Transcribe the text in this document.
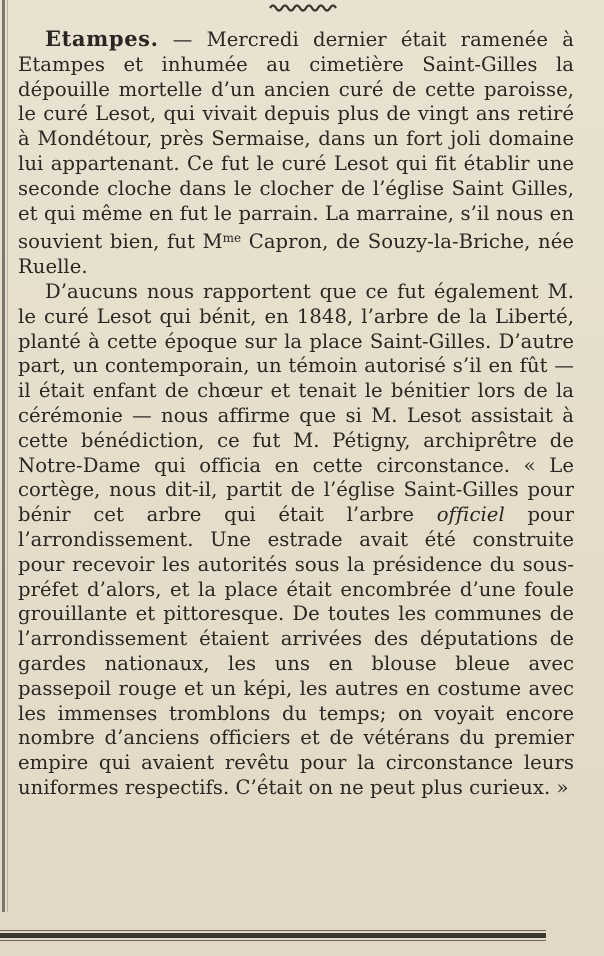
Etampes. — Mercredi dernier était ramenée à Etampes et inhumée au cimetière Saint-Gilles la dépouille mortelle d’un ancien curé de cette paroisse, le curé Lesot, qui vivait depuis plus de vingt ans retiré à Mondétour, près Sermaise, dans un fort joli domaine lui appartenant. Ce fut le curé Lesot qui fit établir une seconde cloche dans le clocher de l’église Saint Gilles, et qui même en fut le parrain. La marraine, s’il nous en souvient bien, fut $M^{me}$ Capron, de Souzy-la-Briche, née Ruelle.

D’aucuns nous rapportent que ce fut également M. le curé Lesot qui bénit, en 1848, l’arbre de la Liberté, planté à cette époque sur la place Saint-Gilles. D’autre part, un contemporain, un témoin autorisé s’il en fût — il était enfant de chœur et tenait le bénitier lors de la cérémonie — nous affirme que si M. Lesot assistait à cette bénédiction, ce fut M. Pétigny, archiprêtre de Notre-Dame qui officia en cette circonstance. « Le cortège, nous dit-il, partit de l’église Saint-Gilles pour bénir cet arbre qui était l’arbre officiel pour l’arrondissement. Une estrade avait été construite pour recevoir les autorités sous la présidence du sous-préfet d’alors, et la place était encombrée d’une foule grouillante et pittoresque. De toutes les communes de l’arrondissement étaient arrivées des députations de gardes nationaux, les uns en blouse bleue avec passepoil rouge et un képi, les autres en costume avec les immenses tromblons du temps; on voyait encore nombre d’anciens officiers et de vétérans du premier empire qui avaient revêtu pour la circonstance leurs uniformes respectifs. C’était on ne peut plus curieux. »
